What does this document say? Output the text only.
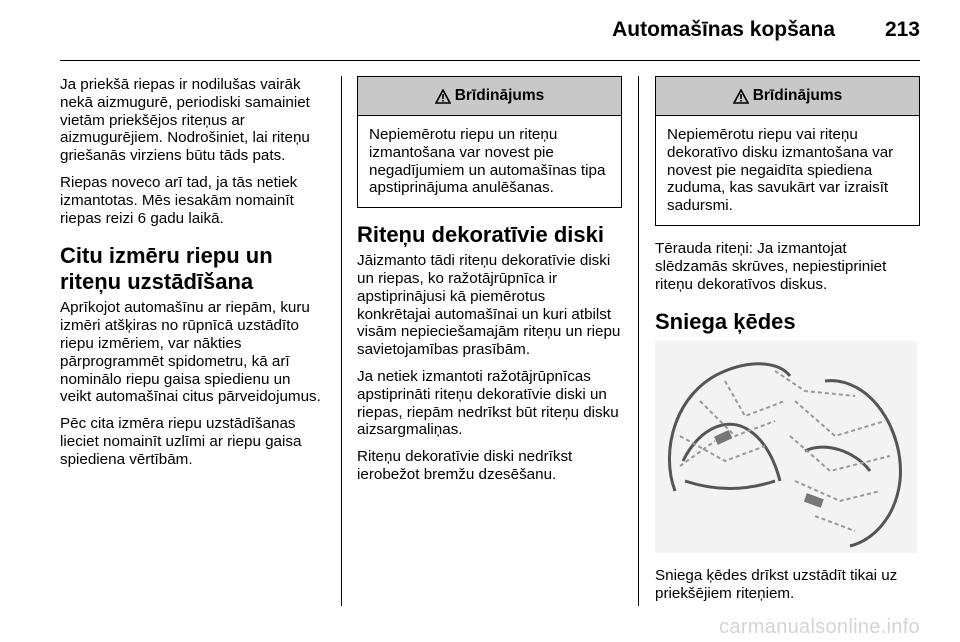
Automašīnas kopšana 213

Ja priekšā riepas ir nodilušas vairāk nekā aizmugurē, periodiski samainiet vietām priekšējos riteņus ar aizmugurējiem. Nodrošiniet, lai riteņu griešanās virziens būtu tāds pats.

Riepas noveco arī tad, ja tās netiek izmantotas. Mēs iesakām nomainīt riepas reizi 6 gadu laikā.

Citu izmēru riepu un riteņu uzstādīšana

Aprīkojot automašīnu ar riepām, kuru izmēri atšķiras no rūpnīcā uzstādīto riepu izmēriem, var nākties pārprogrammēt spidometru, kā arī nominālo riepu gaisa spiedienu un veikt automašīnai citus pārveidojumus.

Pēc cita izmēra riepu uzstādīšanas lieciet nomainīt uzlīmi ar riepu gaisa spiediena vērtībām.

Brīdinājums
Nepiemērotu riepu un riteņu izmantošana var novest pie negadījumiem un automašīnas tipa apstiprinājuma anulēšanas.
Riteņu dekoratīvie diski

Jāizmanto tādi riteņu dekoratīvie diski un riepas, ko ražotājrūpnīca ir apstiprinājusi kā piemērotus konkrētajai automašīnai un kuri atbilst visām nepieciešamajām riteņu un riepu savietojamības prasībām.

Ja netiek izmantoti ražotājrūpnīcas apstiprināti riteņu dekoratīvie diski un riepas, riepām nedrīkst būt riteņu disku aizsargmaliņas.

Riteņu dekoratīvie diski nedrīkst ierobežot bremžu dzesēšanu.

Brīdinājums
Nepiemērotu riepu vai riteņu dekoratīvo disku izmantošana var novest pie negaidīta spiediena zuduma, kas savukārt var izraisīt sadursmi.

Tērauda riteņi: Ja izmantojat slēdzamās skrūves, nepiestipriniet riteņu dekoratīvos diskus.

Sniega ķēdes

Sniega ķēdes drīkst uzstādīt tikai uz priekšējiem riteņiem.

carmanualsonline.info
